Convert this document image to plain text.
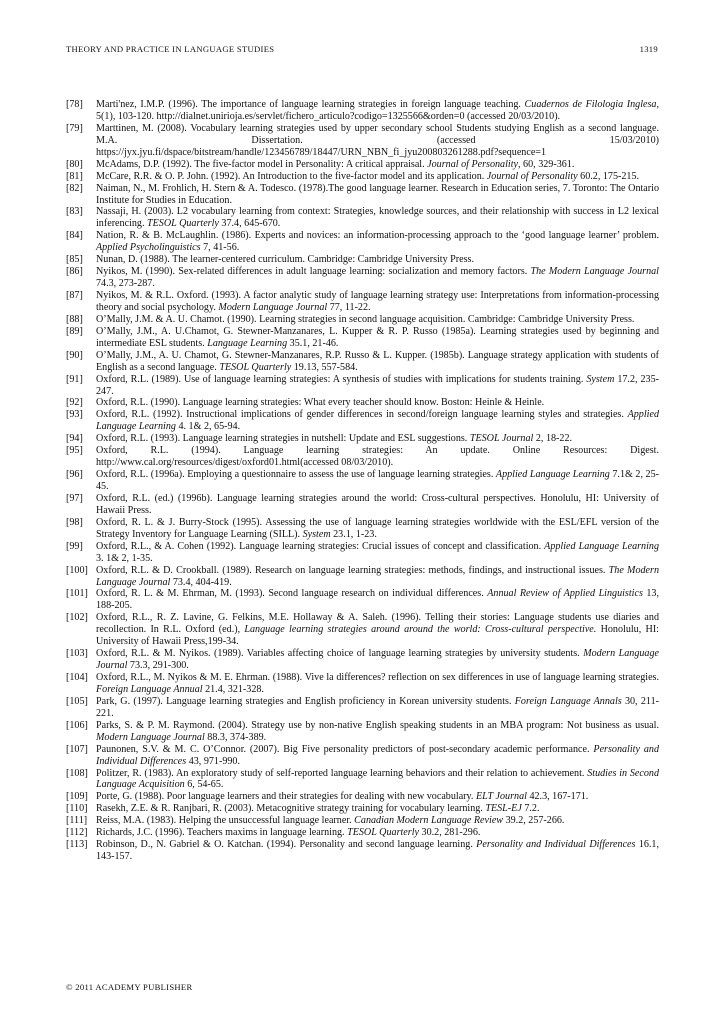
THEORY AND PRACTICE IN LANGUAGE STUDIES	1319
[78]	Marti'nez, I.M.P. (1996). The importance of language learning strategies in foreign language teaching. Cuadernos de Filologia Inglesa, 5(1), 103-120. http://dialnet.unirioja.es/servlet/fichero_articulo?codigo=1325566&orden=0 (accessed 20/03/2010).
[79]	Marttinen, M. (2008). Vocabulary learning strategies used by upper secondary school Students studying English as a second language. M.A. Dissertation. (accessed 15/03/2010) https://jyx.jyu.fi/dspace/bitstream/handle/123456789/18447/URN_NBN_fi_jyu200803261288.pdf?sequence=1
[80]	McAdams, D.P. (1992). The five-factor model in Personality: A critical appraisal. Journal of Personality, 60, 329-361.
[81]	McCare, R.R. & O. P. John. (1992). An Introduction to the five-factor model and its application. Journal of Personality 60.2, 175-215.
[82]	Naiman, N., M. Frohlich, H. Stern & A. Todesco. (1978).The good language learner. Research in Education series, 7. Toronto: The Ontario Institute for Studies in Education.
[83]	Nassaji, H. (2003). L2 vocabulary learning from context: Strategies, knowledge sources, and their relationship with success in L2 lexical inferencing. TESOL Quarterly 37.4, 645-670.
[84]	Nation, R. & B. McLaughlin. (1986). Experts and novices: an information-processing approach to the ‘good language learner’ problem. Applied Psycholinguistics 7, 41-56.
[85]	Nunan, D. (1988). The learner-centered curriculum. Cambridge: Cambridge University Press.
[86]	Nyikos, M. (1990). Sex-related differences in adult language learning: socialization and memory factors. The Modern Language Journal 74.3, 273-287.
[87]	Nyikos, M. & R.L. Oxford. (1993). A factor analytic study of language learning strategy use: Interpretations from information-processing theory and social psychology. Modern Language Journal 77, 11-22.
[88]	O’Mally, J.M. & A. U. Chamot. (1990). Learning strategies in second language acquisition. Cambridge: Cambridge University Press.
[89]	O’Mally, J.M., A. U.Chamot, G. Stewner-Manzanares, L. Kupper & R. P. Russo (1985a). Learning strategies used by beginning and intermediate ESL students. Language Learning 35.1, 21-46.
[90]	O’Mally, J.M., A. U. Chamot, G. Stewner-Manzanares, R.P. Russo & L. Kupper. (1985b). Language strategy application with students of English as a second language. TESOL Quarterly 19.13, 557-584.
[91]	Oxford, R.L. (1989). Use of language learning strategies: A synthesis of studies with implications for students training. System 17.2, 235-247.
[92]	Oxford, R.L. (1990). Language learning strategies: What every teacher should know. Boston: Heinle & Heinle.
[93]	Oxford, R.L. (1992). Instructional implications of gender differences in second/foreign language learning styles and strategies. Applied Language Learning 4. 1& 2, 65-94.
[94]	Oxford, R.L. (1993). Language learning strategies in nutshell: Update and ESL suggestions. TESOL Journal 2, 18-22.
[95]	Oxford, R.L. (1994). Language learning strategies: An update. Online Resources: Digest. http://www.cal.org/resources/digest/oxford01.html(accessed 08/03/2010).
[96]	Oxford, R.L. (1996a). Employing a questionnaire to assess the use of language learning strategies. Applied Language Learning 7.1& 2, 25-45.
[97]	Oxford, R.L. (ed.) (1996b). Language learning strategies around the world: Cross-cultural perspectives. Honolulu, HI: University of Hawaii Press.
[98]	Oxford, R. L. & J. Burry-Stock (1995). Assessing the use of language learning strategies worldwide with the ESL/EFL version of the Strategy Inventory for Language Learning (SILL). System 23.1, 1-23.
[99]	Oxford, R.L., & A. Cohen (1992). Language learning strategies: Crucial issues of concept and classification. Applied Language Learning 3. 1& 2, 1-35.
[100] Oxford, R.L. & D. Crookball. (1989). Research on language learning strategies: methods, findings, and instructional issues. The Modern Language Journal 73.4, 404-419.
[101] Oxford, R. L. & M. Ehrman, M. (1993). Second language research on individual differences. Annual Review of Applied Linguistics 13, 188-205.
[102] Oxford, R.L., R. Z. Lavine, G. Felkins, M.E. Hollaway & A. Saleh. (1996). Telling their stories: Language students use diaries and recollection. In R.L. Oxford (ed.), Language learning strategies around around the world: Cross-cultural perspective. Honolulu, HI: University of Hawaii Press,199-34.
[103] Oxford, R.L. & M. Nyikos. (1989). Variables affecting choice of language learning strategies by university students. Modern Language Journal 73.3, 291-300.
[104] Oxford, R.L., M. Nyikos & M. E. Ehrman. (1988). Vive la differences? reflection on sex differences in use of language learning strategies. Foreign Language Annual 21.4, 321-328.
[105] Park, G. (1997). Language learning strategies and English proficiency in Korean university students. Foreign Language Annals 30, 211-221.
[106] Parks, S. & P. M. Raymond. (2004). Strategy use by non-native English speaking students in an MBA program: Not business as usual. Modern Language Journal 88.3, 374-389.
[107] Paunonen, S.V. & M. C. O’Connor. (2007). Big Five personality predictors of post-secondary academic performance. Personality and Individual Differences 43, 971-990.
[108] Politzer, R. (1983). An exploratory study of self-reported language learning behaviors and their relation to achievement. Studies in Second Language Acquisition 6, 54-65.
[109] Porte, G. (1988). Poor language learners and their strategies for dealing with new vocabulary. ELT Journal 42.3, 167-171.
[110] Rasekh, Z.E. & R. Ranjbari, R. (2003). Metacognitive strategy training for vocabulary learning. TESL-EJ 7.2.
[111] Reiss, M.A. (1983). Helping the unsuccessful language learner. Canadian Modern Language Review 39.2, 257-266.
[112] Richards, J.C. (1996). Teachers maxims in language learning. TESOL Quarterly 30.2, 281-296.
[113] Robinson, D., N. Gabriel & O. Katchan. (1994). Personality and second language learning. Personality and Individual Differences 16.1, 143-157.
© 2011 ACADEMY PUBLISHER
